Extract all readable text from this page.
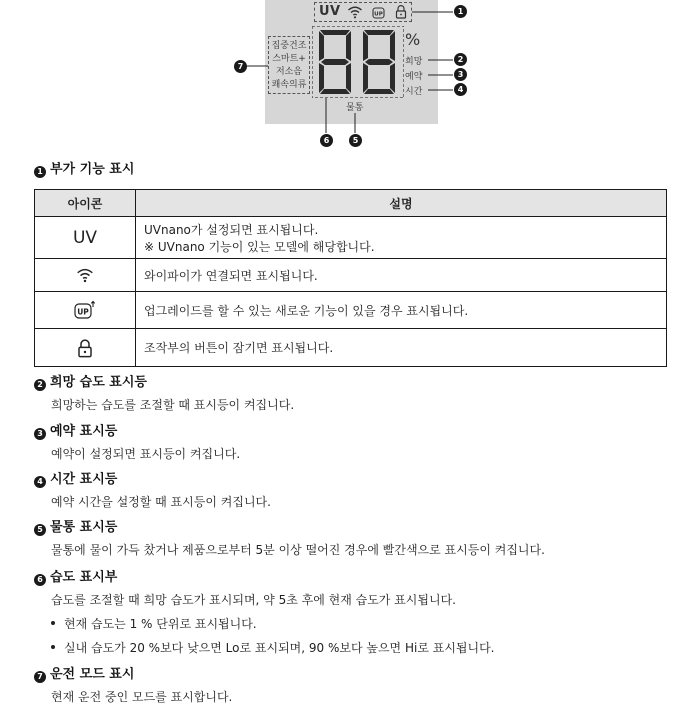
UV	UP
집중건조
스마트+
저소음
쾌속의류
%
희망
예약
시간
물통
1
2
3
4
5
6
7
1 부가 기능 표시
아이콘	설명
UV	UVnano가 설정되면 표시됩니다.
※ UVnano 기능이 있는 모델에 해당합니다.

	와이파이가 연결되면 표시됩니다.

UP	업그레이드를 할 수 있는 새로운 기능이 있을 경우 표시됩니다.
	조작부의 버튼이 잠기면 표시됩니다.
2 희망 습도 표시등
희망하는 습도를 조절할 때 표시등이 켜집니다.
3 예약 표시등
예약이 설정되면 표시등이 켜집니다.
4 시간 표시등
예약 시간을 설정할 때 표시등이 켜집니다.
5 물통 표시등
물통에 물이 가득 찼거나 제품으로부터 5분 이상 떨어진 경우에 빨간색으로 표시등이 켜집니다.
6 습도 표시부
습도를 조절할 때 희망 습도가 표시되며, 약 5초 후에 현재 습도가 표시됩니다.
현재 습도는 1 % 단위로 표시됩니다.
실내 습도가 20 %보다 낮으면 Lo로 표시되며, 90 %보다 높으면 Hi로 표시됩니다.
7 운전 모드 표시
현재 운전 중인 모드를 표시합니다.
